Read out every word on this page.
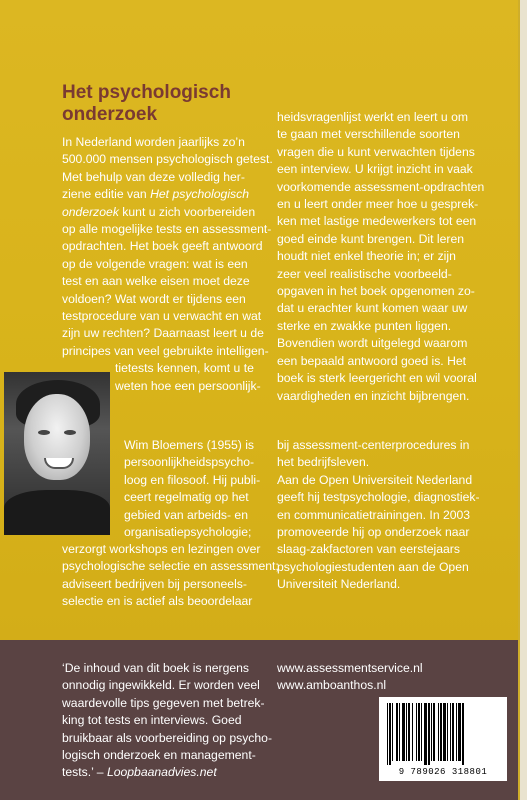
Het psychologisch
onderzoek
In Nederland worden jaarlijks zo’n
500.000 mensen psychologisch getest.
Met behulp van deze volledig her-
ziene editie van Het psychologisch
onderzoek kunt u zich voorbereiden
op alle mogelijke tests en assessment-
opdrachten. Het boek geeft antwoord
op de volgende vragen: wat is een
test en aan welke eisen moet deze
voldoen? Wat wordt er tijdens een
testprocedure van u verwacht en wat
zijn uw rechten? Daarnaast leert u de
principes van veel gebruikte intelligen-
tietests kennen, komt u te
weten hoe een persoonlijk-
heidsvragenlijst werkt en leert u om
te gaan met verschillende soorten
vragen die u kunt verwachten tijdens
een interview. U krijgt inzicht in vaak
voorkomende assessment-opdrachten
en u leert onder meer hoe u gesprek-
ken met lastige medewerkers tot een
goed einde kunt brengen. Dit leren
houdt niet enkel theorie in; er zijn
zeer veel realistische voorbeeld-
opgaven in het boek opgenomen zo-
dat u erachter kunt komen waar uw
sterke en zwakke punten liggen.
Bovendien wordt uitgelegd waarom
een bepaald antwoord goed is. Het
boek is sterk leergericht en wil vooral
vaardigheden en inzicht bijbrengen.
Wim Bloemers (1955) is
persoonlijkheidspsycho-
loog en filosoof. Hij publi-
ceert regelmatig op het
gebied van arbeids- en
organisatiepsychologie;
verzorgt workshops en lezingen over
psychologische selectie en assessment;
adviseert bedrijven bij personeels-
selectie en is actief als beoordelaar
bij assessment-centerprocedures in
het bedrijfsleven.
Aan de Open Universiteit Nederland
geeft hij testpsychologie, diagnostiek-
en communicatietrainingen. In 2003
promoveerde hij op onderzoek naar
slaag-zakfactoren van eerstejaars
psychologiestudenten aan de Open
Universiteit Nederland.
‘De inhoud van dit boek is nergens
onnodig ingewikkeld. Er worden veel
waardevolle tips gegeven met betrek-
king tot tests en interviews. Goed
bruikbaar als voorbereiding op psycho-
logisch onderzoek en management-
tests.’ – Loopbaanadvies.net
www.assessmentservice.nl
www.amboanthos.nl
9 789026 318801
